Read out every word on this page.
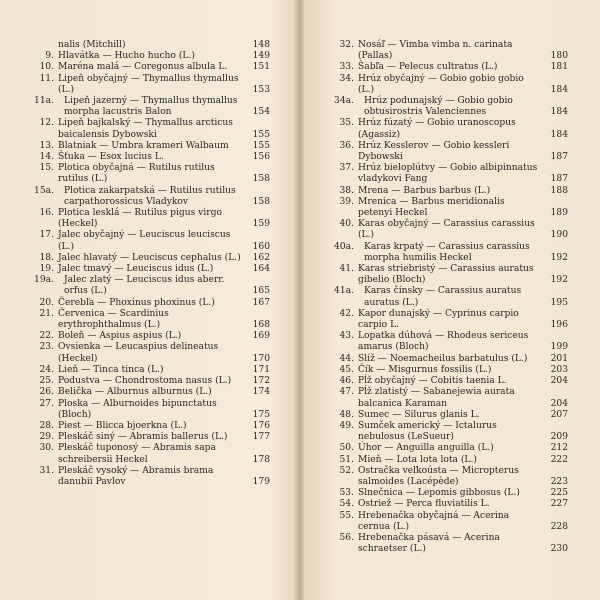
nalis (Mitchill)	148
9. Hlavátka — Hucho hucho (L.)	149
10. Maréna malá — Coregonus albula L.	151
11. Lipeň obyčajný — Thymallus thymallus (L.)	153
11a. Lipeň jazerný — Thymallus thymallus morpha lacustris Balon	154
12. Lipeň bajkalský — Thymallus arcticus baicalensis Dybowski	155
13. Blatniak — Umbra krameri Walbaum	155
14. Šťuka — Esox lucius L.	156
15. Plotica obyčajná — Rutilus rutilus rutilus (L.)	158
15a. Plotica zakarpatská — Rutilus rutilus carpathorossicus Vladykov	158
16. Plotica lesklá — Rutilus pigus virgo (Heckel)	159
17. Jalec obyčajný — Leuciscus leuciscus (L.)	160
18. Jalec hlavatý — Leuciscus cephalus (L.)	162
19. Jalec tmavý — Leuciscus idus (L.)	164
19a. Jalec zlatý — Leuciscus idus aberr. orfus (L.)	165
20. Čerebľa — Phoxinus phoxinus (L.)	167
21. Červenica — Scardinius erythrophthalmus (L.)	168
22. Boleň — Aspius aspius (L.)	169
23. Ovsienka — Leucaspius delineatus (Heckel)	170
24. Lieň — Tinca tinca (L.)	171
25. Podustva — Chondrostoma nasus (L.)	172
26. Belička — Alburnus alburnus (L.)	174
27. Ploska — Alburnoides bipunctatus (Bloch)	175
28. Piest — Blicca bjoerkna (L.)	176
29. Pleskáč siný — Abramis ballerus (L.)	177
30. Pleskáč tuponosý — Abramis sapa schreibersii Heckel	178
31. Pleskáč vysoký — Abramis brama danubii Pavlov	179
32. Nosáľ — Vimba vimba n. carinata (Pallas)	180
33. Šabľa — Pelecus cultratus (L.)	181
34. Hrúz obyčajný — Gobio gobio gobio (L.)	184
34a. Hrúz podunajský — Gobio gobio obtusirostris Valenciennes	184
35. Hrúz fúzatý — Gobio uranoscopus (Agassiz)	184
36. Hrúz Kesslerov — Gobio kessleri Dybowski	187
37. Hrúz bieloplútvy — Gobio albipinnatus vladykovi Fang	187
38. Mrena — Barbus barbus (L.)	188
39. Mrenica — Barbus meridionalis petenyi Heckel	189
40. Karas obyčajný — Carassius carassius (L.)	190
40a. Karas krpatý — Carassius carassius morpha humilis Heckel	192
41. Karas striebristý — Carassius auratus gibelio (Bloch)	192
41a. Karas čínsky — Carassius auratus auratus (L.)	195
42. Kapor dunajský — Cyprinus carpio carpio L.	196
43. Lopatka dúhová — Rhodeus sericeus amarus (Bloch)	199
44. Slíž — Noemacheilus barbatulus (L.)	201
45. Čík — Misgurnus fossilis (L.)	203
46. Pĺž obyčajný — Cobitis taenia L.	204
47. Pĺž zlatistý — Sabanejewia aurata balcanica Karaman	204
48. Sumec — Silurus glanis L.	207
49. Sumček americký — Ictalurus nebulosus (LeSueur)	209
50. Úhor — Anguilla anguilla (L.)	212
51. Mieň — Lota lota lota (L.)	222
52. Ostračka veľkoústa — Micropterus salmoides (Lacépède)	223
53. Slnečnica — Lepomis gibbosus (L.)	225
54. Ostriež — Perca fluviatilis L.	227
55. Hrebenačka obyčajná — Acerina cernua (L.)	228
56. Hrebenačka pásavá — Acerina schraetser (L.)	230
